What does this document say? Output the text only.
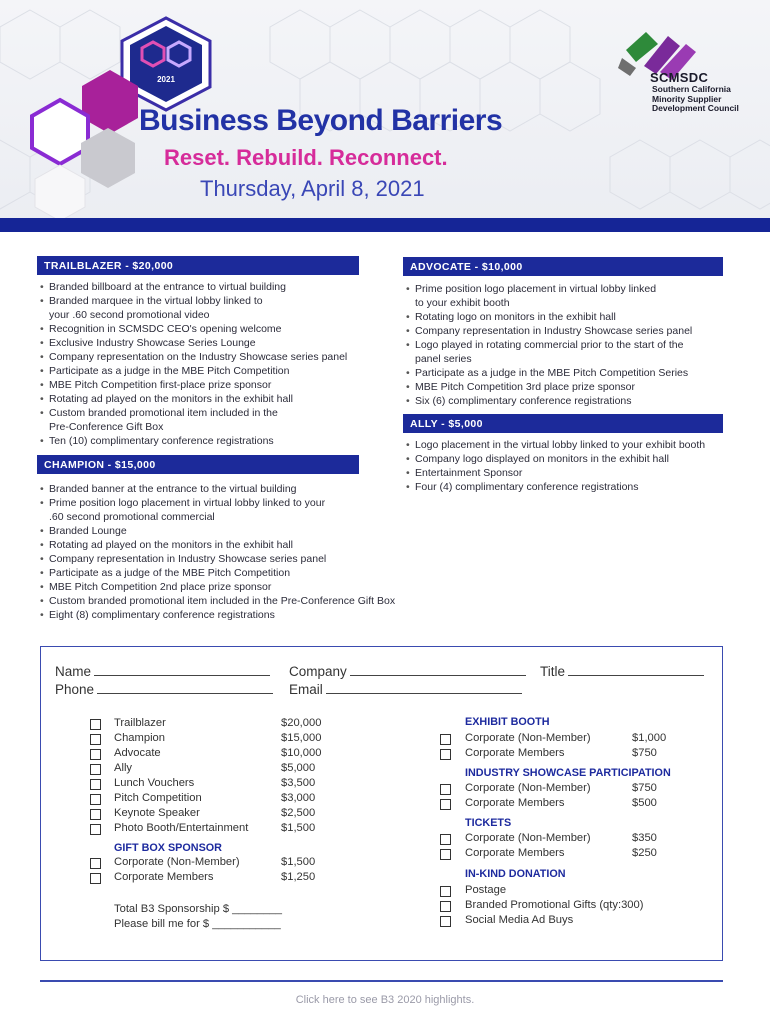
2021	SCMSDC
Southern California
Minority Supplier
Development Council
Business Beyond Barriers
Reset. Rebuild. Reconnect.
Thursday, April 8, 2021
TRAILBLAZER - $20,000
• Branded billboard at the entrance to virtual building
• Branded marquee in the virtual lobby linked to
your .60 second promotional video
• Recognition in SCMSDC CEO's opening welcome
• Exclusive Industry Showcase Series Lounge
• Company representation on the Industry Showcase series panel
• Participate as a judge in the MBE Pitch Competition
• MBE Pitch Competition first-place prize sponsor
• Rotating ad played on the monitors in the exhibit hall
• Custom branded promotional item included in the
Pre-Conference Gift Box
• Ten (10) complimentary conference registrations
CHAMPION - $15,000
• Branded banner at the entrance to the virtual building
• Prime position logo placement in virtual lobby linked to your
.60 second promotional commercial
• Branded Lounge
• Rotating ad played on the monitors in the exhibit hall
• Company representation in Industry Showcase series panel
• Participate as a judge of the MBE Pitch Competition
• MBE Pitch Competition 2nd place prize sponsor
• Custom branded promotional item included in the Pre-Conference Gift Box
• Eight (8) complimentary conference registrations
ADVOCATE - $10,000
• Prime position logo placement in virtual lobby linked
to your exhibit booth
• Rotating logo on monitors in the exhibit hall
• Company representation in Industry Showcase series panel
• Logo played in rotating commercial prior to the start of the
panel series
• Participate as a judge in the MBE Pitch Competition Series
• MBE Pitch Competition 3rd place prize sponsor
• Six (6) complimentary conference registrations
ALLY - $5,000
• Logo placement in the virtual lobby linked to your exhibit booth
• Company logo displayed on monitors in the exhibit hall
• Entertainment Sponsor
• Four (4) complimentary conference registrations
Name	Company	Title
Phone	Email
Trailblazer	$20,000
Champion	$15,000
Advocate	$10,000
Ally	$5,000
Lunch Vouchers	$3,500
Pitch Competition	$3,000
Keynote Speaker	$2,500
Photo Booth/Entertainment	$1,500
GIFT BOX SPONSOR
Corporate (Non-Member)	$1,500
Corporate Members	$1,250
Total B3 Sponsorship $ ________
Please bill me for $ ___________
EXHIBIT BOOTH
Corporate (Non-Member)	$1,000
Corporate Members	$750
INDUSTRY SHOWCASE PARTICIPATION
Corporate (Non-Member)	$750
Corporate Members	$500
TICKETS
Corporate (Non-Member)	$350
Corporate Members	$250
IN-KIND DONATION
Postage
Branded Promotional Gifts (qty:300)
Social Media Ad Buys
Click here to see B3 2020 highlights.
